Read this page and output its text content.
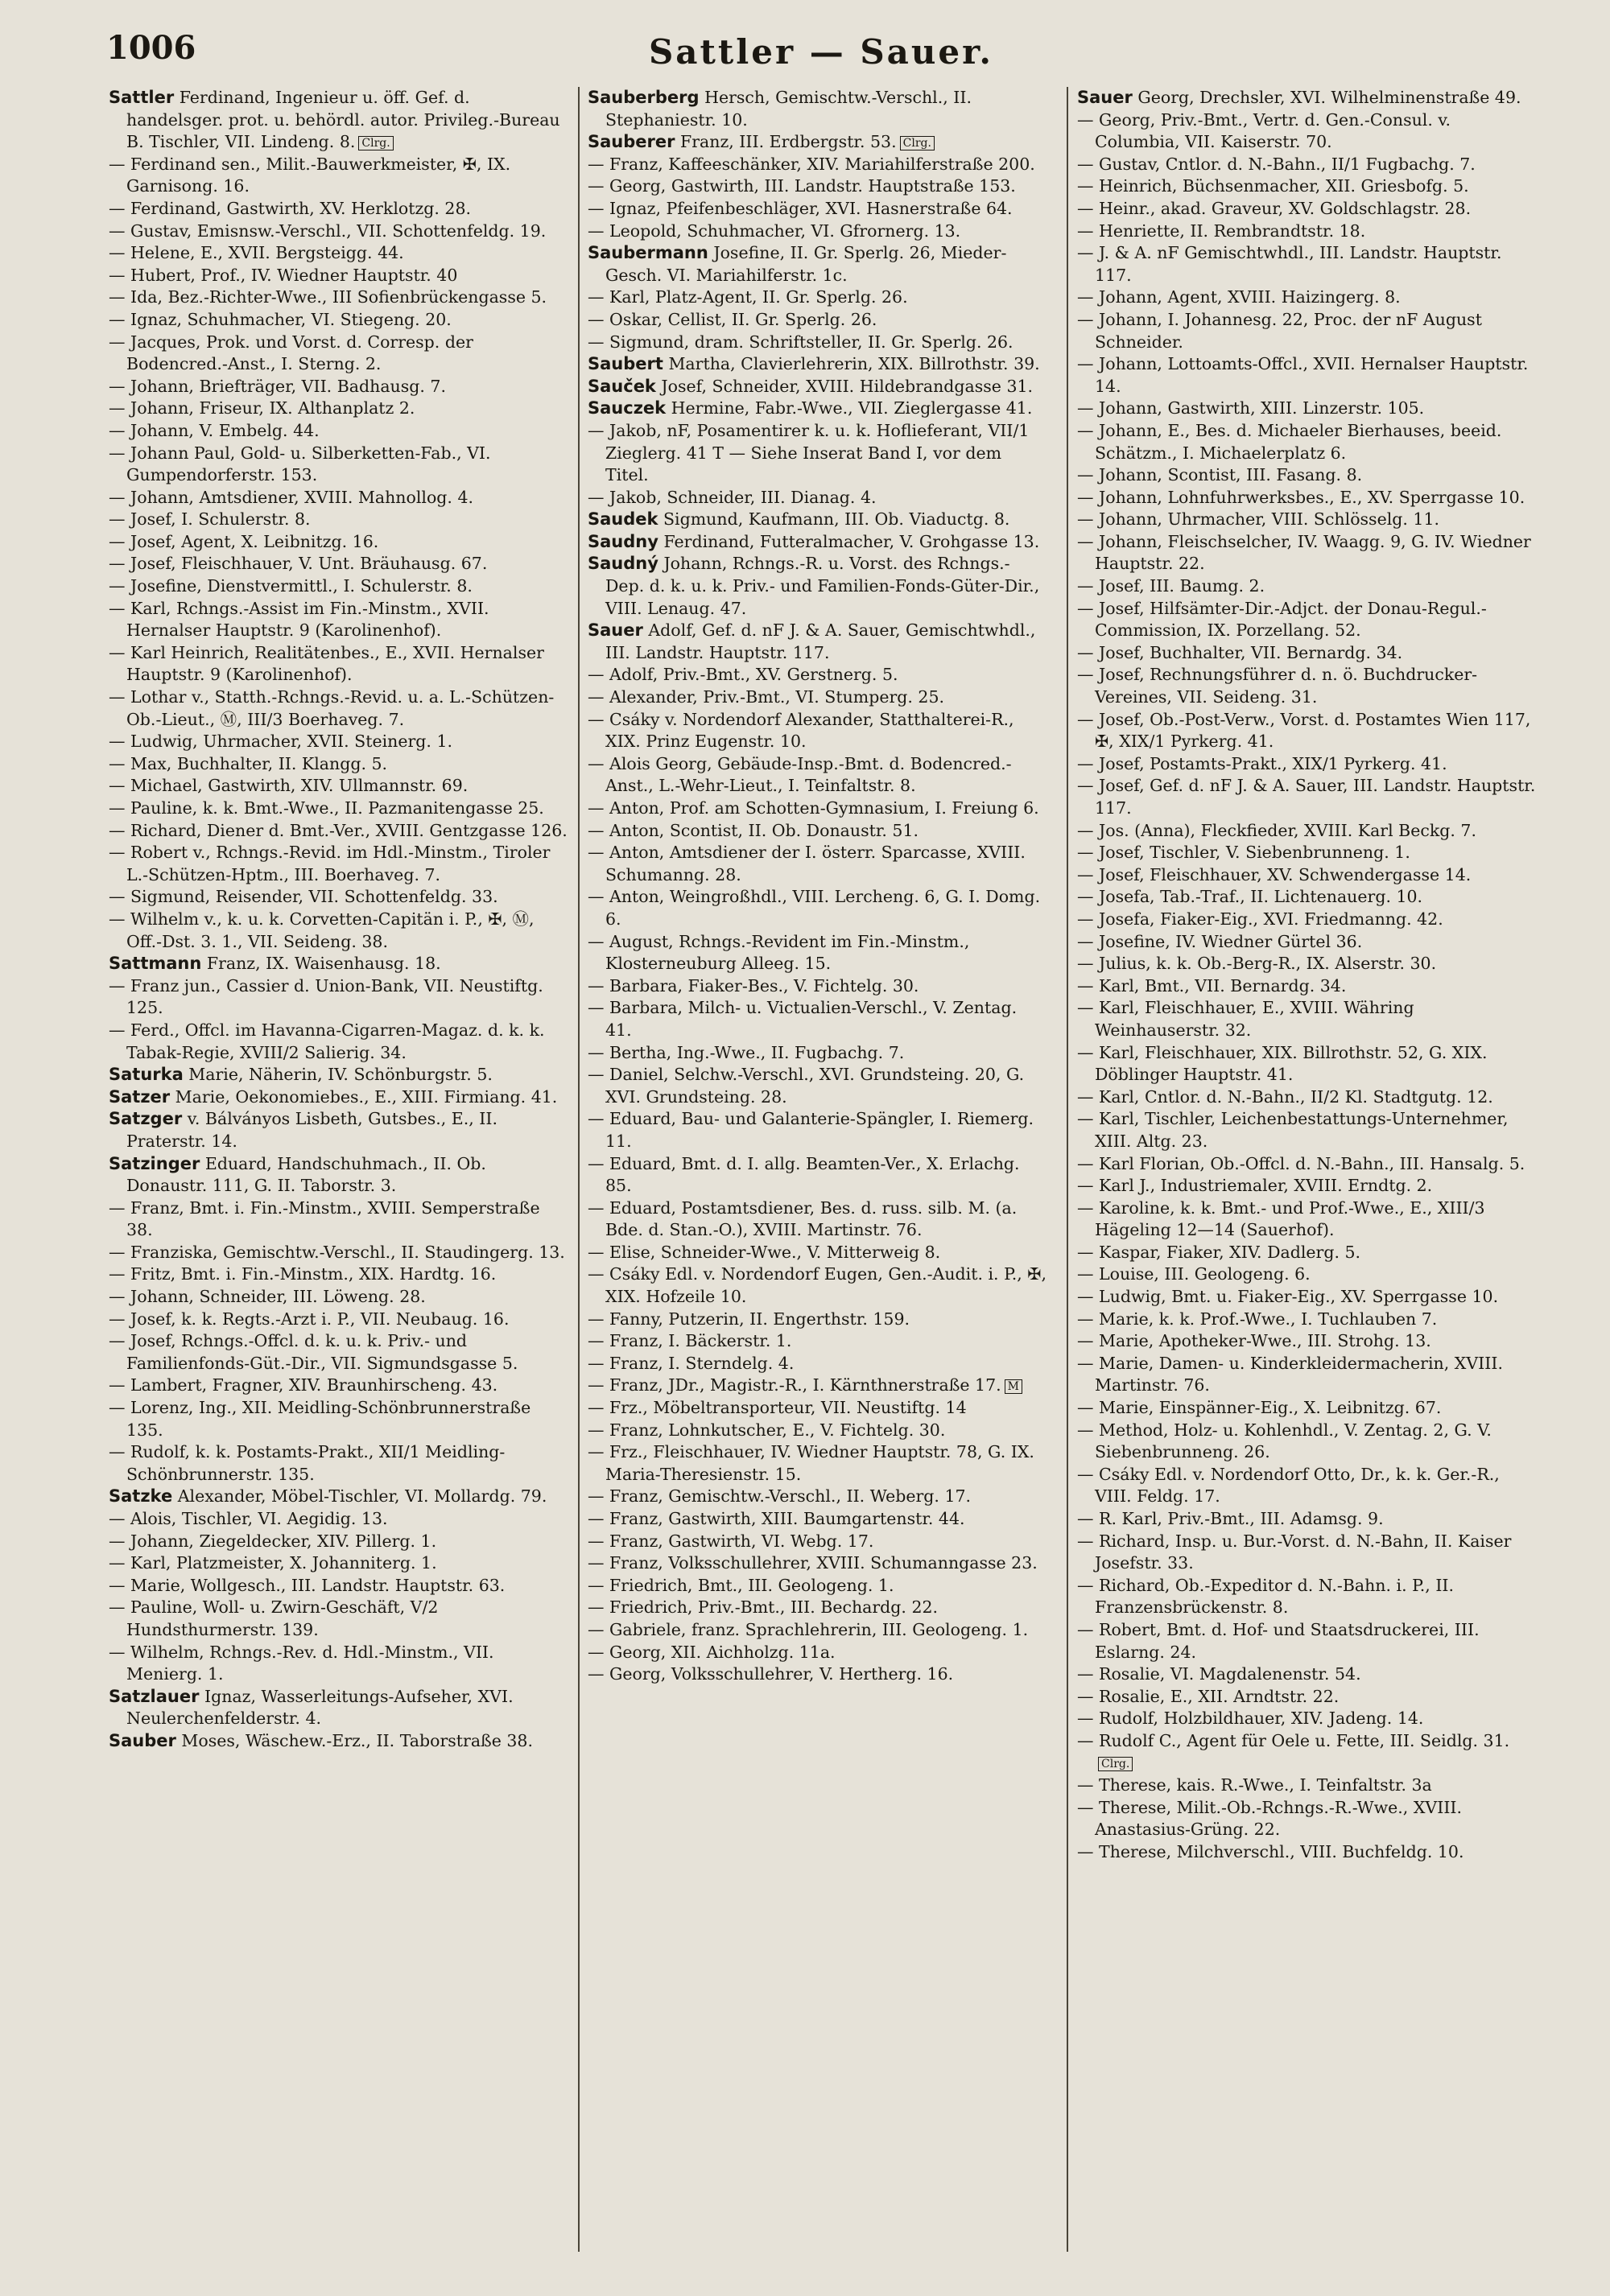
1006	Sattler — Sauer.
Sattler Ferdinand, Ingenieur u. öff. Gef. d. handelsger. prot. u. behördl. autor. Privileg.-Bureau B. Tischler, VII. Lindeng. 8. Clrg.
— Ferdinand sen., Milit.-Bauwerkmeister, ✠, IX. Garnisong. 16.
— Ferdinand, Gastwirth, XV. Herklotzg. 28.
— Gustav, Emisnsw.-Verschl., VII. Schottenfeldg. 19.
— Helene, E., XVII. Bergsteigg. 44.
— Hubert, Prof., IV. Wiedner Hauptstr. 40
— Ida, Bez.-Richter-Wwe., III Sofienbrückengasse 5.
— Ignaz, Schuhmacher, VI. Stiegeng. 20.
— Jacques, Prok. und Vorst. d. Corresp. der Bodencred.-Anst., I. Sterng. 2.
— Johann, Briefträger, VII. Badhausg. 7.
— Johann, Friseur, IX. Althanplatz 2.
— Johann, V. Embelg. 44.
— Johann Paul, Gold- u. Silberketten-Fab., VI. Gumpendorferstr. 153.
— Johann, Amtsdiener, XVIII. Mahnollog. 4.
— Josef, I. Schulerstr. 8.
— Josef, Agent, X. Leibnitzg. 16.
— Josef, Fleischhauer, V. Unt. Bräuhausg. 67.
— Josefine, Dienstvermittl., I. Schulerstr. 8.
— Karl, Rchngs.-Assist im Fin.-Minstm., XVII. Hernalser Hauptstr. 9 (Karolinenhof).
— Karl Heinrich, Realitätenbes., E., XVII. Hernalser Hauptstr. 9 (Karolinenhof).
— Lothar v., Statth.-Rchngs.-Revid. u. a. L.-Schützen-Ob.-Lieut., Ⓜ, III/3 Boerhaveg. 7.
— Ludwig, Uhrmacher, XVII. Steinerg. 1.
— Max, Buchhalter, II. Klangg. 5.
— Michael, Gastwirth, XIV. Ullmannstr. 69.
— Pauline, k. k. Bmt.-Wwe., II. Pazmanitengasse 25.
— Richard, Diener d. Bmt.-Ver., XVIII. Gentzgasse 126.
— Robert v., Rchngs.-Revid. im Hdl.-Minstm., Tiroler L.-Schützen-Hptm., III. Boerhaveg. 7.
— Sigmund, Reisender, VII. Schottenfeldg. 33.
— Wilhelm v., k. u. k. Corvetten-Capitän i. P., ✠, Ⓜ, Off.-Dst. 3. 1., VII. Seideng. 38.
Sattmann Franz, IX. Waisenhausg. 18.
— Franz jun., Cassier d. Union-Bank, VII. Neustiftg. 125.
— Ferd., Offcl. im Havanna-Cigarren-Magaz. d. k. k. Tabak-Regie, XVIII/2 Salierig. 34.
Saturka Marie, Näherin, IV. Schönburgstr. 5.
Satzer Marie, Oekonomiebes., E., XIII. Firmiang. 41.
Satzger v. Bálványos Lisbeth, Gutsbes., E., II. Praterstr. 14.
Satzinger Eduard, Handschuhmach., II. Ob. Donaustr. 111, G. II. Taborstr. 3.
— Franz, Bmt. i. Fin.-Minstm., XVIII. Semperstraße 38.
— Franziska, Gemischtw.-Verschl., II. Staudingerg. 13.
— Fritz, Bmt. i. Fin.-Minstm., XIX. Hardtg. 16.
— Johann, Schneider, III. Löweng. 28.
— Josef, k. k. Regts.-Arzt i. P., VII. Neubaug. 16.
— Josef, Rchngs.-Offcl. d. k. u. k. Priv.- und Familienfonds-Güt.-Dir., VII. Sigmundsgasse 5.
— Lambert, Fragner, XIV. Braunhirscheng. 43.
— Lorenz, Ing., XII. Meidling-Schönbrunnerstraße 135.
— Rudolf, k. k. Postamts-Prakt., XII/1 Meidling-Schönbrunnerstr. 135.
Satzke Alexander, Möbel-Tischler, VI. Mollardg. 79.
— Alois, Tischler, VI. Aegidig. 13.
— Johann, Ziegeldecker, XIV. Pillerg. 1.
— Karl, Platzmeister, X. Johanniterg. 1.
— Marie, Wollgesch., III. Landstr. Hauptstr. 63.
— Pauline, Woll- u. Zwirn-Geschäft, V/2 Hundsthurmerstr. 139.
— Wilhelm, Rchngs.-Rev. d. Hdl.-Minstm., VII. Menierg. 1.
Satzlauer Ignaz, Wasserleitungs-Aufseher, XVI. Neulerchenfelderstr. 4.
Sauber Moses, Wäschew.-Erz., II. Taborstraße 38.
Sauberberg Hersch, Gemischtw.-Verschl., II. Stephaniestr. 10.
Sauberer Franz, III. Erdbergstr. 53. Clrg.
— Franz, Kaffeeschänker, XIV. Mariahilferstraße 200.
— Georg, Gastwirth, III. Landstr. Hauptstraße 153.
— Ignaz, Pfeifenbeschläger, XVI. Hasnerstraße 64.
— Leopold, Schuhmacher, VI. Gfrornerg. 13.
Saubermann Josefine, II. Gr. Sperlg. 26, Mieder-Gesch. VI. Mariahilferstr. 1c.
— Karl, Platz-Agent, II. Gr. Sperlg. 26.
— Oskar, Cellist, II. Gr. Sperlg. 26.
— Sigmund, dram. Schriftsteller, II. Gr. Sperlg. 26.
Saubert Martha, Clavierlehrerin, XIX. Billrothstr. 39.
Sauček Josef, Schneider, XVIII. Hildebrandgasse 31.
Sauczek Hermine, Fabr.-Wwe., VII. Zieglergasse 41.
— Jakob, nF, Posamentirer k. u. k. Hoflieferant, VII/1 Zieglerg. 41 T — Siehe Inserat Band I, vor dem Titel.
— Jakob, Schneider, III. Dianag. 4.
Saudek Sigmund, Kaufmann, III. Ob. Viaductg. 8.
Saudny Ferdinand, Futteralmacher, V. Grohgasse 13.
Saudný Johann, Rchngs.-R. u. Vorst. des Rchngs.-Dep. d. k. u. k. Priv.- und Familien-Fonds-Güter-Dir., VIII. Lenaug. 47.
Sauer Adolf, Gef. d. nF J. & A. Sauer, Gemischtwhdl., III. Landstr. Hauptstr. 117.
— Adolf, Priv.-Bmt., XV. Gerstnerg. 5.
— Alexander, Priv.-Bmt., VI. Stumperg. 25.
— Csáky v. Nordendorf Alexander, Statthalterei-R., XIX. Prinz Eugenstr. 10.
— Alois Georg, Gebäude-Insp.-Bmt. d. Bodencred.-Anst., L.-Wehr-Lieut., I. Teinfaltstr. 8.
— Anton, Prof. am Schotten-Gymnasium, I. Freiung 6.
— Anton, Scontist, II. Ob. Donaustr. 51.
— Anton, Amtsdiener der I. österr. Sparcasse, XVIII. Schumanng. 28.
— Anton, Weingroßhdl., VIII. Lercheng. 6, G. I. Domg. 6.
— August, Rchngs.-Revident im Fin.-Minstm., Klosterneuburg Alleeg. 15.
— Barbara, Fiaker-Bes., V. Fichtelg. 30.
— Barbara, Milch- u. Victualien-Verschl., V. Zentag. 41.
— Bertha, Ing.-Wwe., II. Fugbachg. 7.
— Daniel, Selchw.-Verschl., XVI. Grundsteing. 20, G. XVI. Grundsteing. 28.
— Eduard, Bau- und Galanterie-Spängler, I. Riemerg. 11.
— Eduard, Bmt. d. I. allg. Beamten-Ver., X. Erlachg. 85.
— Eduard, Postamtsdiener, Bes. d. russ. silb. M. (a. Bde. d. Stan.-O.), XVIII. Martinstr. 76.
— Elise, Schneider-Wwe., V. Mitterweig 8.
— Csáky Edl. v. Nordendorf Eugen, Gen.-Audit. i. P., ✠, XIX. Hofzeile 10.
— Fanny, Putzerin, II. Engerthstr. 159.
— Franz, I. Bäckerstr. 1.
— Franz, I. Sterndelg. 4.
— Franz, JDr., Magistr.-R., I. Kärnthnerstraße 17. M
— Frz., Möbeltransporteur, VII. Neustiftg. 14
— Franz, Lohnkutscher, E., V. Fichtelg. 30.
— Frz., Fleischhauer, IV. Wiedner Hauptstr. 78, G. IX. Maria-Theresienstr. 15.
— Franz, Gemischtw.-Verschl., II. Weberg. 17.
— Franz, Gastwirth, XIII. Baumgartenstr. 44.
— Franz, Gastwirth, VI. Webg. 17.
— Franz, Volksschullehrer, XVIII. Schumanngasse 23.
— Friedrich, Bmt., III. Geologeng. 1.
— Friedrich, Priv.-Bmt., III. Bechardg. 22.
— Gabriele, franz. Sprachlehrerin, III. Geologeng. 1.
— Georg, XII. Aichholzg. 11a.
— Georg, Volksschullehrer, V. Hertherg. 16.
Sauer Georg, Drechsler, XVI. Wilhelminenstraße 49.
— Georg, Priv.-Bmt., Vertr. d. Gen.-Consul. v. Columbia, VII. Kaiserstr. 70.
— Gustav, Cntlor. d. N.-Bahn., II/1 Fugbachg. 7.
— Heinrich, Büchsenmacher, XII. Griesbofg. 5.
— Heinr., akad. Graveur, XV. Goldschlagstr. 28.
— Henriette, II. Rembrandtstr. 18.
— J. & A. nF Gemischtwhdl., III. Landstr. Hauptstr. 117.
— Johann, Agent, XVIII. Haizingerg. 8.
— Johann, I. Johannesg. 22, Proc. der nF August Schneider.
— Johann, Lottoamts-Offcl., XVII. Hernalser Hauptstr. 14.
— Johann, Gastwirth, XIII. Linzerstr. 105.
— Johann, E., Bes. d. Michaeler Bierhauses, beeid. Schätzm., I. Michaelerplatz 6.
— Johann, Scontist, III. Fasang. 8.
— Johann, Lohnfuhrwerksbes., E., XV. Sperrgasse 10.
— Johann, Uhrmacher, VIII. Schlösselg. 11.
— Johann, Fleischselcher, IV. Waagg. 9, G. IV. Wiedner Hauptstr. 22.
— Josef, III. Baumg. 2.
— Josef, Hilfsämter-Dir.-Adjct. der Donau-Regul.-Commission, IX. Porzellang. 52.
— Josef, Buchhalter, VII. Bernardg. 34.
— Josef, Rechnungsführer d. n. ö. Buchdrucker-Vereines, VII. Seideng. 31.
— Josef, Ob.-Post-Verw., Vorst. d. Postamtes Wien 117, ✠, XIX/1 Pyrkerg. 41.
— Josef, Postamts-Prakt., XIX/1 Pyrkerg. 41.
— Josef, Gef. d. nF J. & A. Sauer, III. Landstr. Hauptstr. 117.
— Jos. (Anna), Fleckfieder, XVIII. Karl Beckg. 7.
— Josef, Tischler, V. Siebenbrunneng. 1.
— Josef, Fleischhauer, XV. Schwendergasse 14.
— Josefa, Tab.-Traf., II. Lichtenauerg. 10.
— Josefa, Fiaker-Eig., XVI. Friedmanng. 42.
— Josefine, IV. Wiedner Gürtel 36.
— Julius, k. k. Ob.-Berg-R., IX. Alserstr. 30.
— Karl, Bmt., VII. Bernardg. 34.
— Karl, Fleischhauer, E., XVIII. Währing Weinhauserstr. 32.
— Karl, Fleischhauer, XIX. Billrothstr. 52, G. XIX. Döblinger Hauptstr. 41.
— Karl, Cntlor. d. N.-Bahn., II/2 Kl. Stadtgutg. 12.
— Karl, Tischler, Leichenbestattungs-Unternehmer, XIII. Altg. 23.
— Karl Florian, Ob.-Offcl. d. N.-Bahn., III. Hansalg. 5.
— Karl J., Industriemaler, XVIII. Erndtg. 2.
— Karoline, k. k. Bmt.- und Prof.-Wwe., E., XIII/3 Hägeling 12—14 (Sauerhof).
— Kaspar, Fiaker, XIV. Dadlerg. 5.
— Louise, III. Geologeng. 6.
— Ludwig, Bmt. u. Fiaker-Eig., XV. Sperrgasse 10.
— Marie, k. k. Prof.-Wwe., I. Tuchlauben 7.
— Marie, Apotheker-Wwe., III. Strohg. 13.
— Marie, Damen- u. Kinderkleidermacherin, XVIII. Martinstr. 76.
— Marie, Einspänner-Eig., X. Leibnitzg. 67.
— Method, Holz- u. Kohlenhdl., V. Zentag. 2, G. V. Siebenbrunneng. 26.
— Csáky Edl. v. Nordendorf Otto, Dr., k. k. Ger.-R., VIII. Feldg. 17.
— R. Karl, Priv.-Bmt., III. Adamsg. 9.
— Richard, Insp. u. Bur.-Vorst. d. N.-Bahn, II. Kaiser Josefstr. 33.
— Richard, Ob.-Expeditor d. N.-Bahn. i. P., II. Franzensbrückenstr. 8.
— Robert, Bmt. d. Hof- und Staatsdruckerei, III. Eslarng. 24.
— Rosalie, VI. Magdalenenstr. 54.
— Rosalie, E., XII. Arndtstr. 22.
— Rudolf, Holzbildhauer, XIV. Jadeng. 14.
— Rudolf C., Agent für Oele u. Fette, III. Seidlg. 31.Clrg.
— Therese, kais. R.-Wwe., I. Teinfaltstr. 3a
— Therese, Milit.-Ob.-Rchngs.-R.-Wwe., XVIII. Anastasius-Grüng. 22.
— Therese, Milchverschl., VIII. Buchfeldg. 10.
